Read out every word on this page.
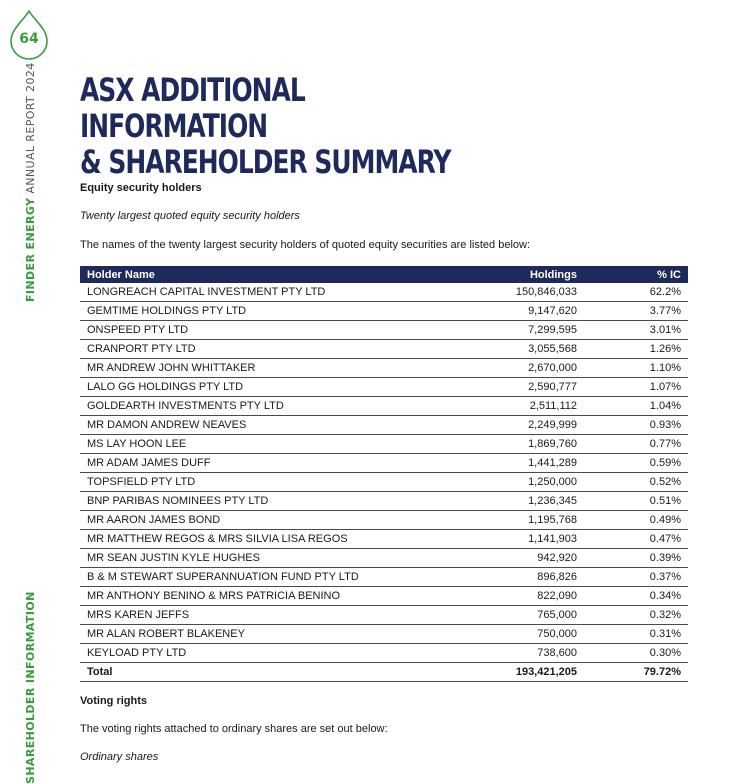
64
FINDER ENERGY ANNUAL REPORT 2024
SHAREHOLDER INFORMATION
ASX ADDITIONAL INFORMATION
& SHAREHOLDER SUMMARY
Equity security holders
Twenty largest quoted equity security holders
The names of the twenty largest security holders of quoted equity securities are listed below:
Holder Name	Holdings	% IC
LONGREACH CAPITAL INVESTMENT PTY LTD	150,846,033	62.2%
GEMTIME HOLDINGS PTY LTD	9,147,620	3.77%
ONSPEED PTY LTD	7,299,595	3.01%
CRANPORT PTY LTD	3,055,568	1.26%
MR ANDREW JOHN WHITTAKER	2,670,000	1.10%
LALO GG HOLDINGS PTY LTD	2,590,777	1.07%
GOLDEARTH INVESTMENTS PTY LTD	2,511,112	1.04%
MR DAMON ANDREW NEAVES	2,249,999	0.93%
MS LAY HOON LEE	1,869,760	0.77%
MR ADAM JAMES DUFF	1,441,289	0.59%
TOPSFIELD PTY LTD	1,250,000	0.52%
BNP PARIBAS NOMINEES PTY LTD	1,236,345	0.51%
MR AARON JAMES BOND	1,195,768	0.49%
MR MATTHEW REGOS & MRS SILVIA LISA REGOS	1,141,903	0.47%
MR SEAN JUSTIN KYLE HUGHES	942,920	0.39%
B & M STEWART SUPERANNUATION FUND PTY LTD	896,826	0.37%
MR ANTHONY BENINO & MRS PATRICIA BENINO	822,090	0.34%
MRS KAREN JEFFS	765,000	0.32%
MR ALAN ROBERT BLAKENEY	750,000	0.31%
KEYLOAD PTY LTD	738,600	0.30%
Total	193,421,205	79.72%
Voting rights
The voting rights attached to ordinary shares are set out below:
Ordinary shares
